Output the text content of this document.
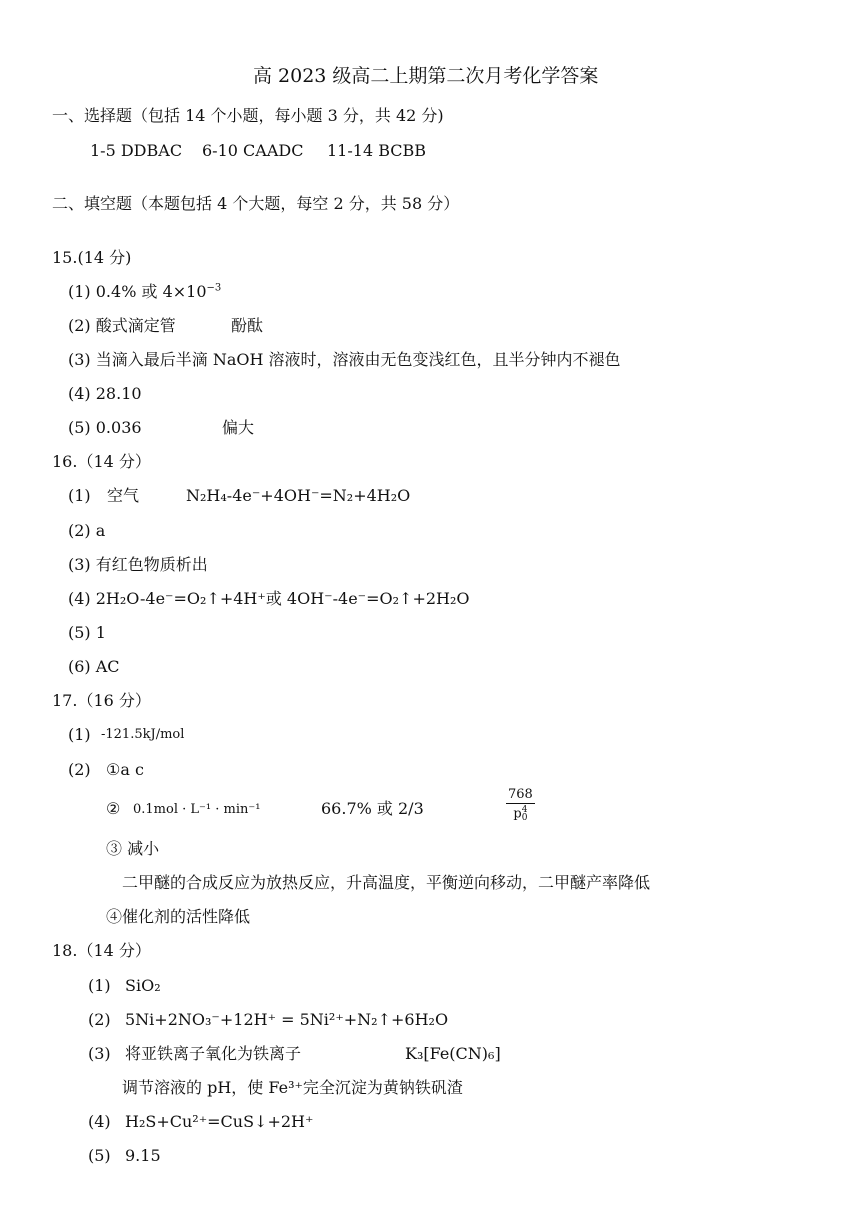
高 2023 级高二上期第二次月考化学答案
一、选择题（包括 14 个小题，每小题 3 分，共 42 分)
1-5 DDBAC 6-10 CAADC 11-14 BCBB
二、填空题（本题包括 4 个大题，每空 2 分，共 58 分）
15.(14 分)
(1) 0.4% 或 $4\times 10^{-3}$
(2) 酸式滴定管	酚酞
(3) 当滴入最后半滴 NaOH 溶液时，溶液由无色变浅红色，且半分钟内不褪色
(4) 28.10
(5) 0.036	偏大
16.（14 分）
(1) 空气	N₂H₄-4e⁻+4OH⁻=N₂+4H₂O
(2) a
(3) 有红色物质析出
(4) 2H₂O-4e⁻=O₂↑+4H⁺或 4OH⁻-4e⁻=O₂↑+2H₂O
(5) 1
(6) AC
17.（16 分）
(1) -121.5kJ/mol
(2) ①a c
② 0.1mol · L⁻¹ · min⁻¹	66.7% 或 2/3	768
p 4
0
③ 减小
二甲醚的合成反应为放热反应，升高温度，平衡逆向移动，二甲醚产率降低
④催化剂的活性降低
18.（14 分）
(1) SiO₂
(2) 5Ni+2NO₃⁻+12H⁺ = 5Ni²⁺+N₂↑+6H₂O
(3) 将亚铁离子氧化为铁离子	K₃[Fe(CN)₆]
调节溶液的 pH，使 Fe³⁺完全沉淀为黄钠铁矾渣
(4) H₂S+Cu²⁺=CuS↓+2H⁺
(5) 9.15
